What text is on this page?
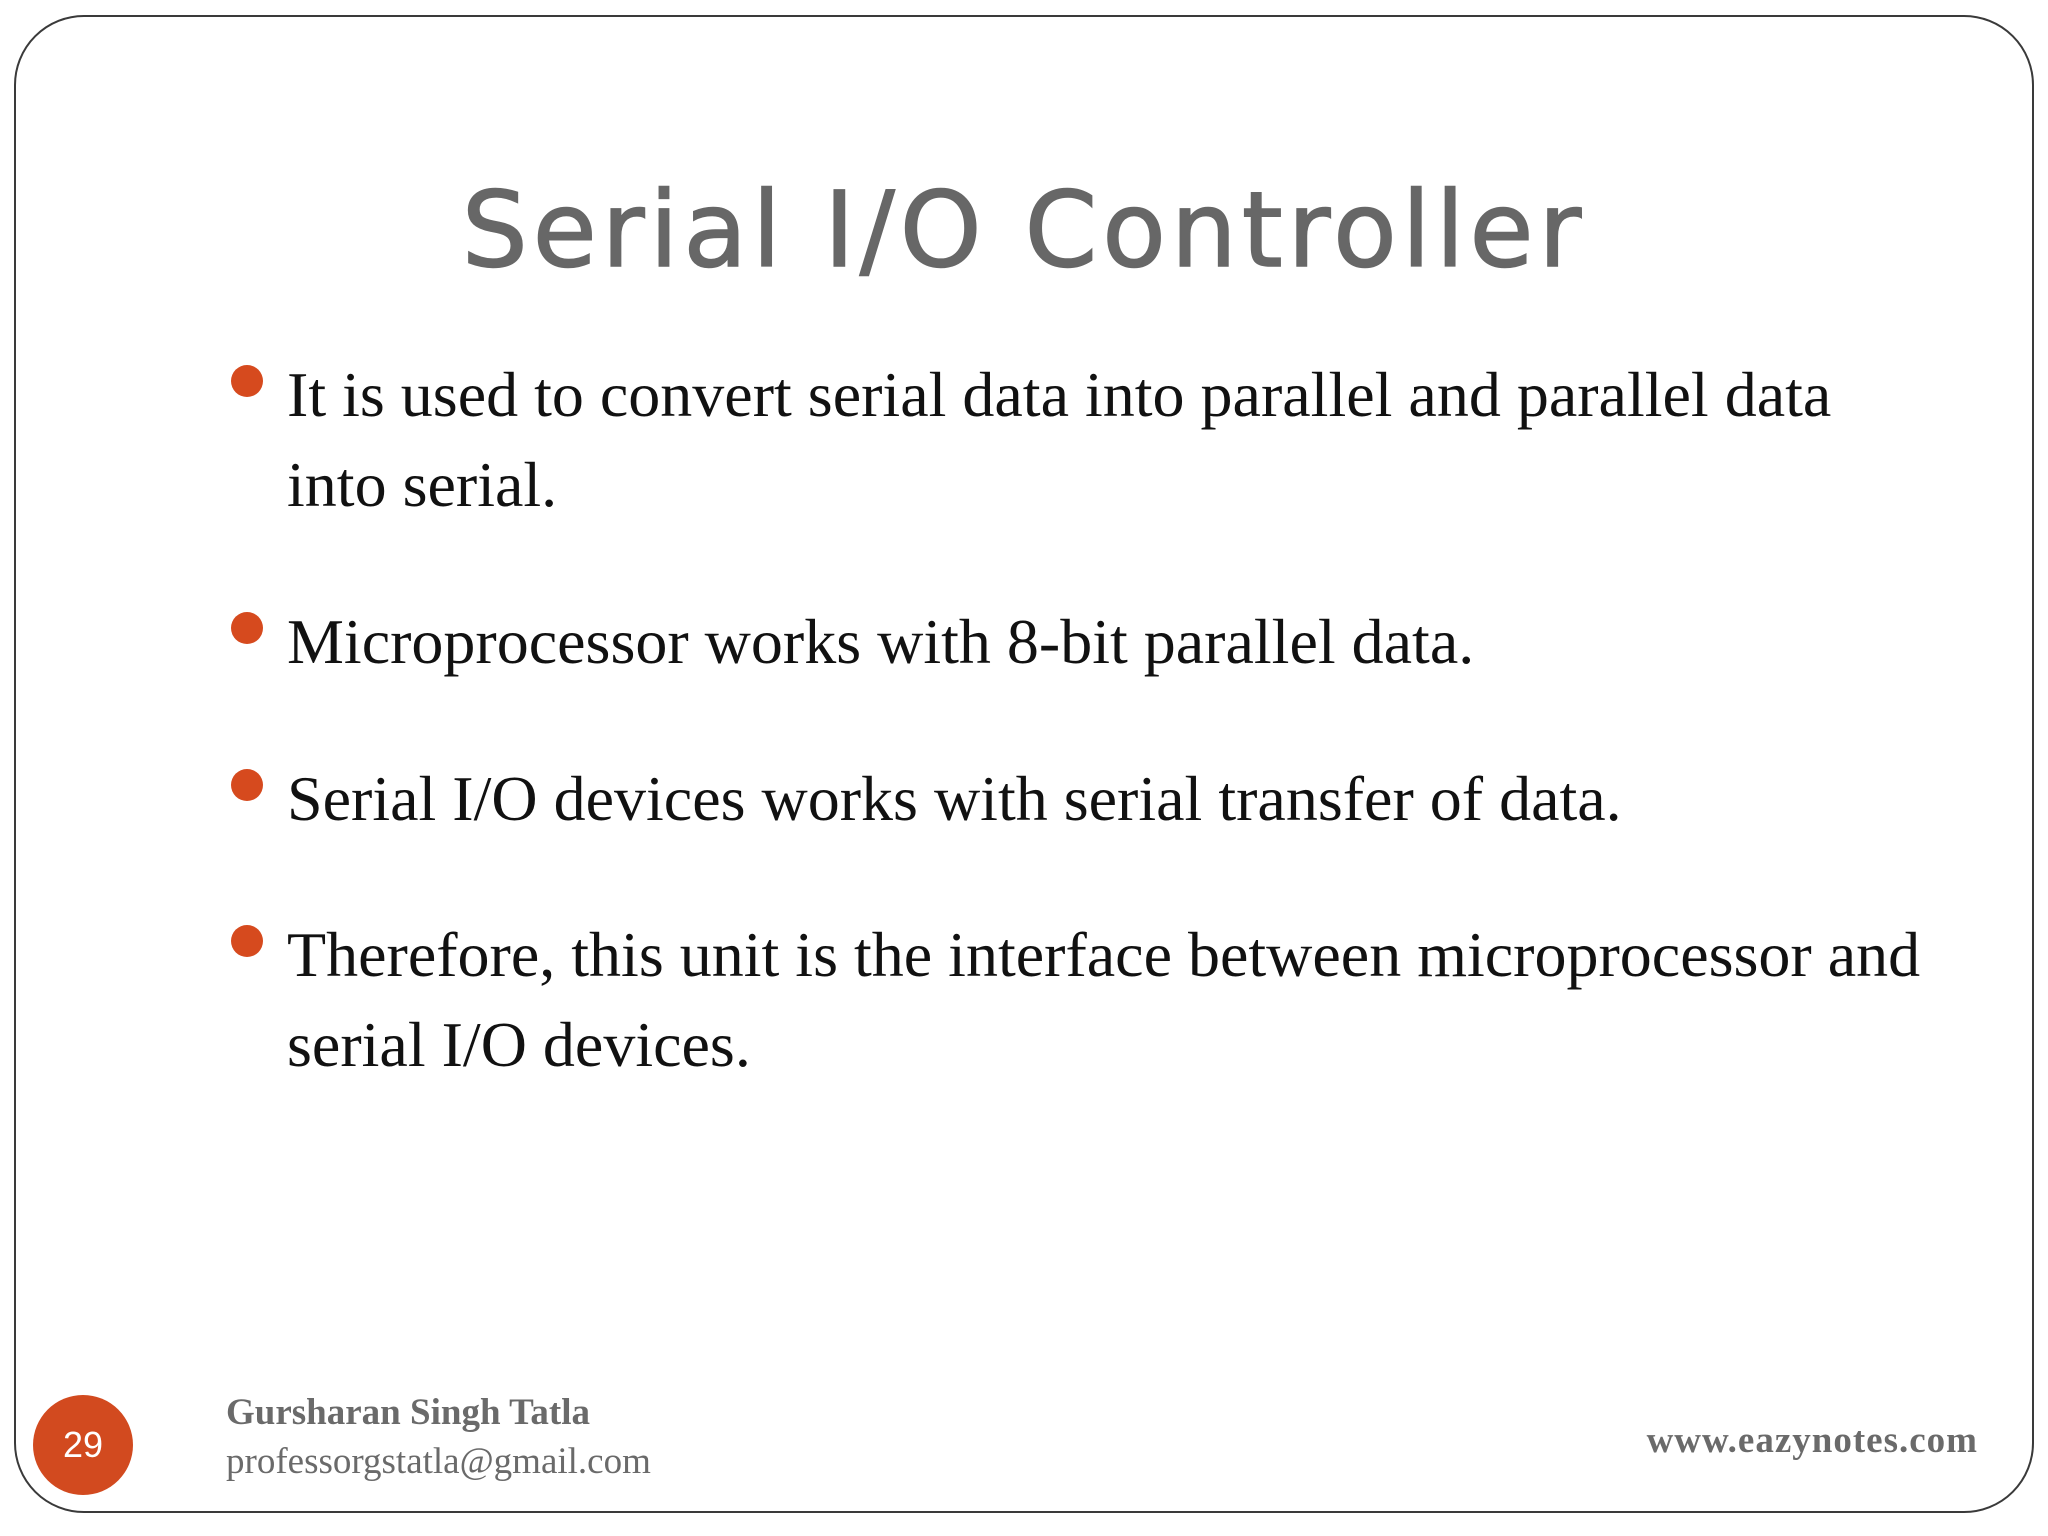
Serial I/O Controller
It is used to convert serial data into parallel and parallel data into serial.
Microprocessor works with 8-bit parallel data.
Serial I/O devices works with serial transfer of data.
Therefore, this unit is the interface between microprocessor and serial I/O devices.
29
Gursharan Singh Tatla
professorgstatla@gmail.com
www.eazynotes.com
